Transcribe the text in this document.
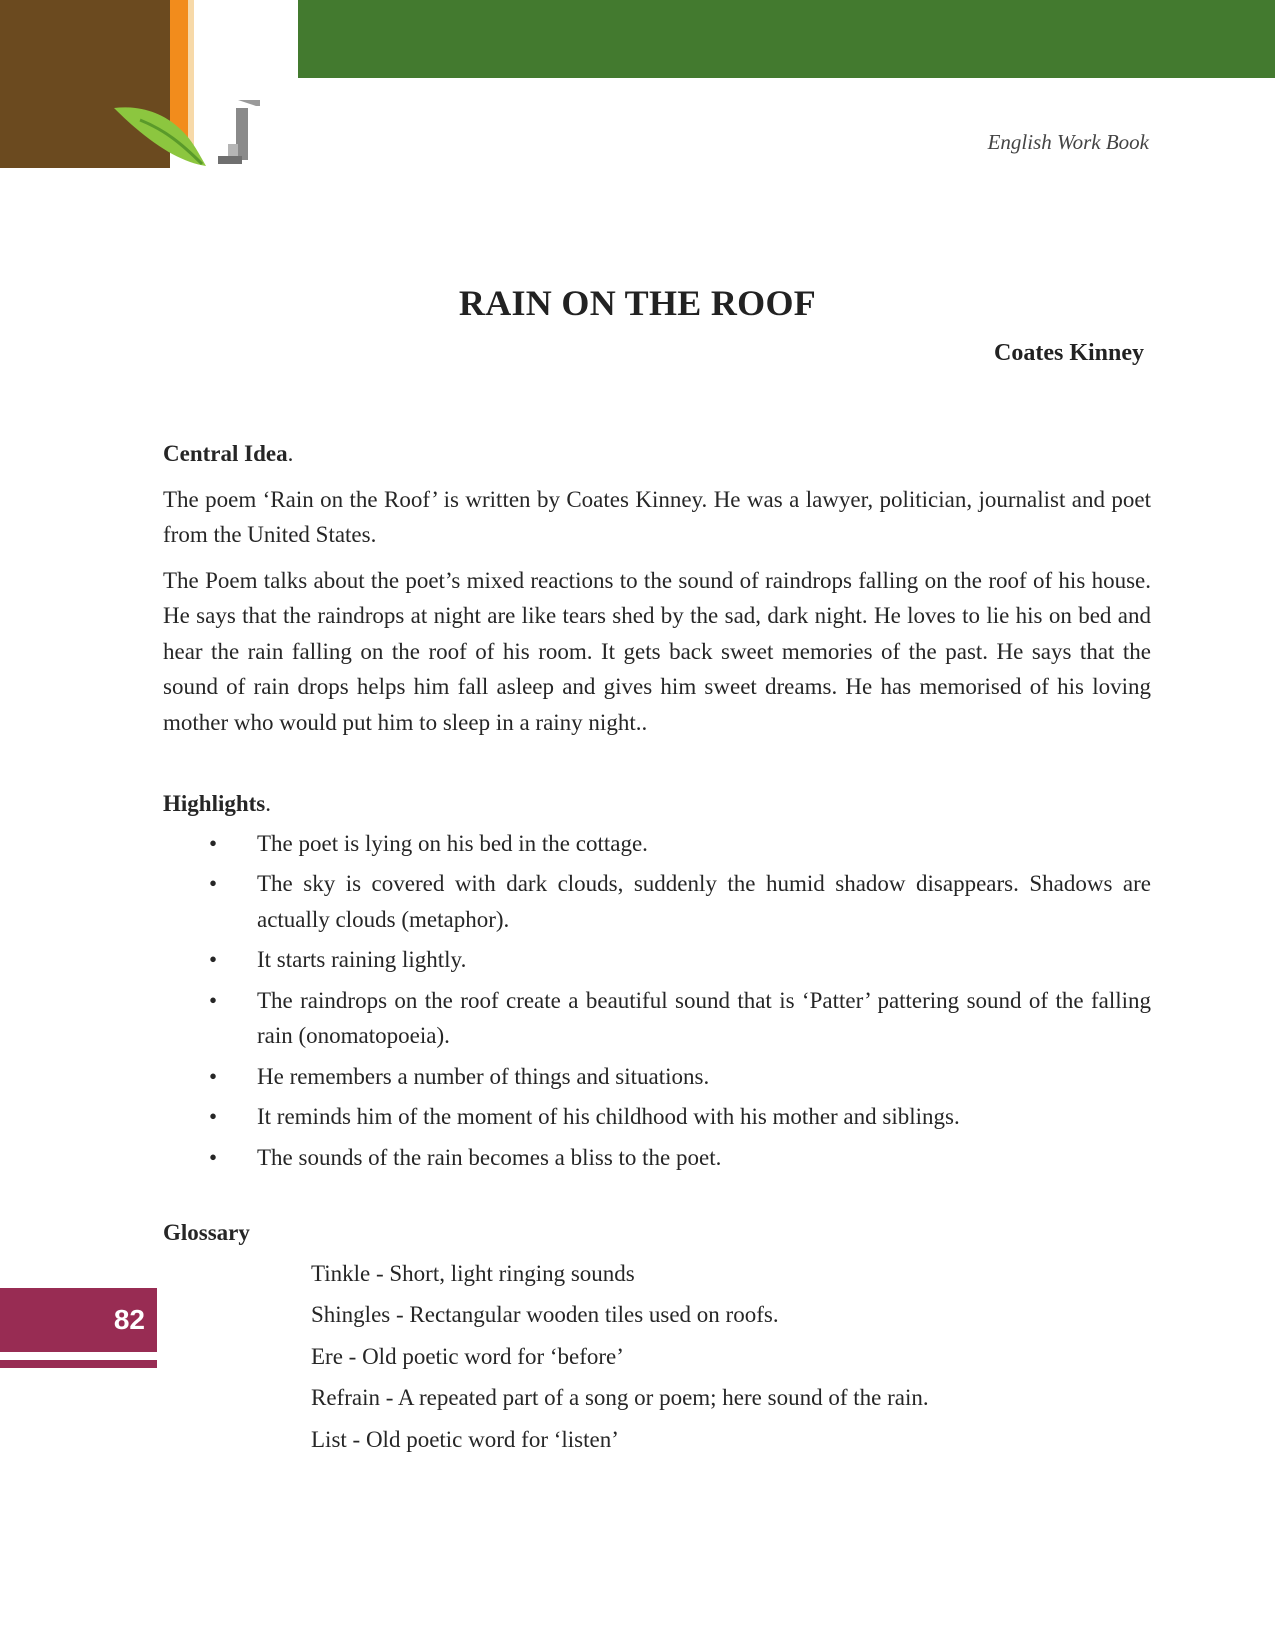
English Work Book
RAIN ON THE ROOF
Coates Kinney

Central Idea.

The poem ‘Rain on the Roof’ is written by Coates Kinney. He was a lawyer, politician, journalist and poet from the United States.

The Poem talks about the poet’s mixed reactions to the sound of raindrops falling on the roof of his house. He says that the raindrops at night are like tears shed by the sad, dark night. He loves to lie his on bed and hear the rain falling on the roof of his room. It gets back sweet memories of the past. He says that the sound of rain drops helps him fall asleep and gives him sweet dreams. He has memorised of his loving mother who would put him to sleep in a rainy night..

Highlights.

• The poet is lying on his bed in the cottage.
• The sky is covered with dark clouds, suddenly the humid shadow disappears. Shadows are actually clouds (metaphor).
• It starts raining lightly.
• The raindrops on the roof create a beautiful sound that is ‘Patter’ pattering sound of the falling rain (onomatopoeia).
• He remembers a number of things and situations.
• It reminds him of the moment of his childhood with his mother and siblings.
• The sounds of the rain becomes a bliss to the poet.

Glossary

Tinkle - Short, light ringing sounds
Shingles - Rectangular wooden tiles used on roofs.
Ere - Old poetic word for ‘before’
Refrain - A repeated part of a song or poem; here sound of the rain.
List - Old poetic word for ‘listen’
82
